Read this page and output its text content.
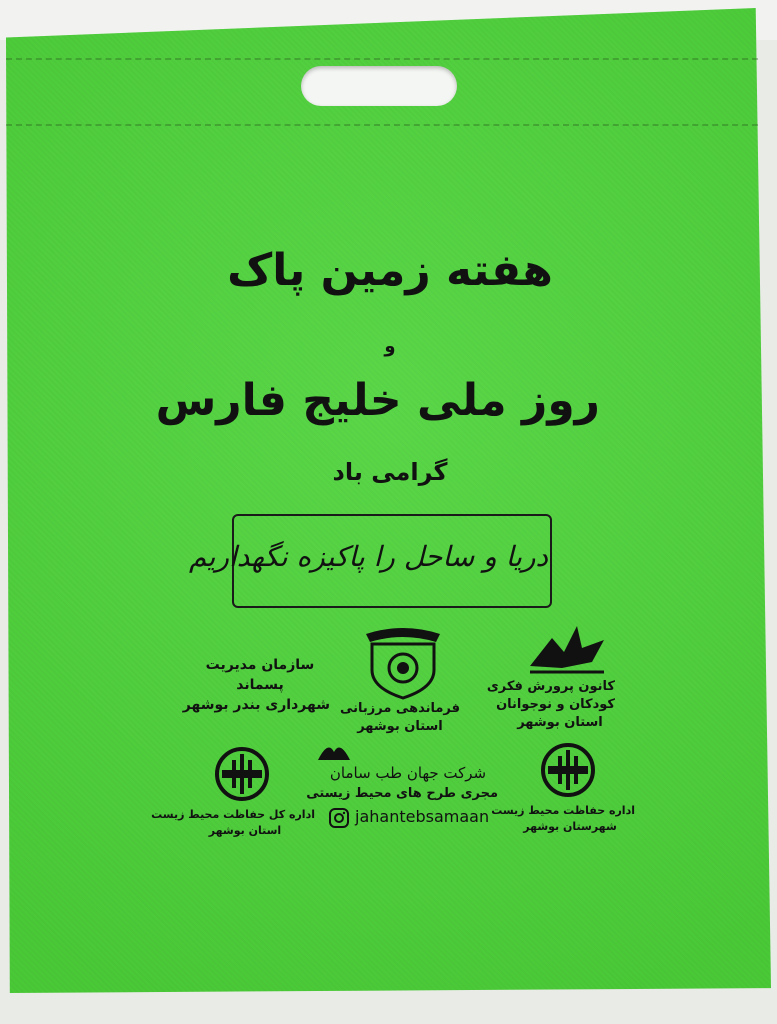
هفته زمین پاک
و
روز ملی خلیج فارس
گرامی باد
دریا و ساحل را پاکیزه نگهداریم
کانون پرورش فکری
کودکان و نوجوانان
استان بوشهر
فرماندهی مرزبانی
استان بوشهر
سازمان مدیریت
پسماند
شهرداری بندر بوشهر
اداره کل حفاظت محیط زیست
استان بوشهر
شرکت جهان طب سامان
مجری طرح های محیط زیستی
jahantebsamaan اداره حفاظت محیط زیست
شهرستان بوشهر
